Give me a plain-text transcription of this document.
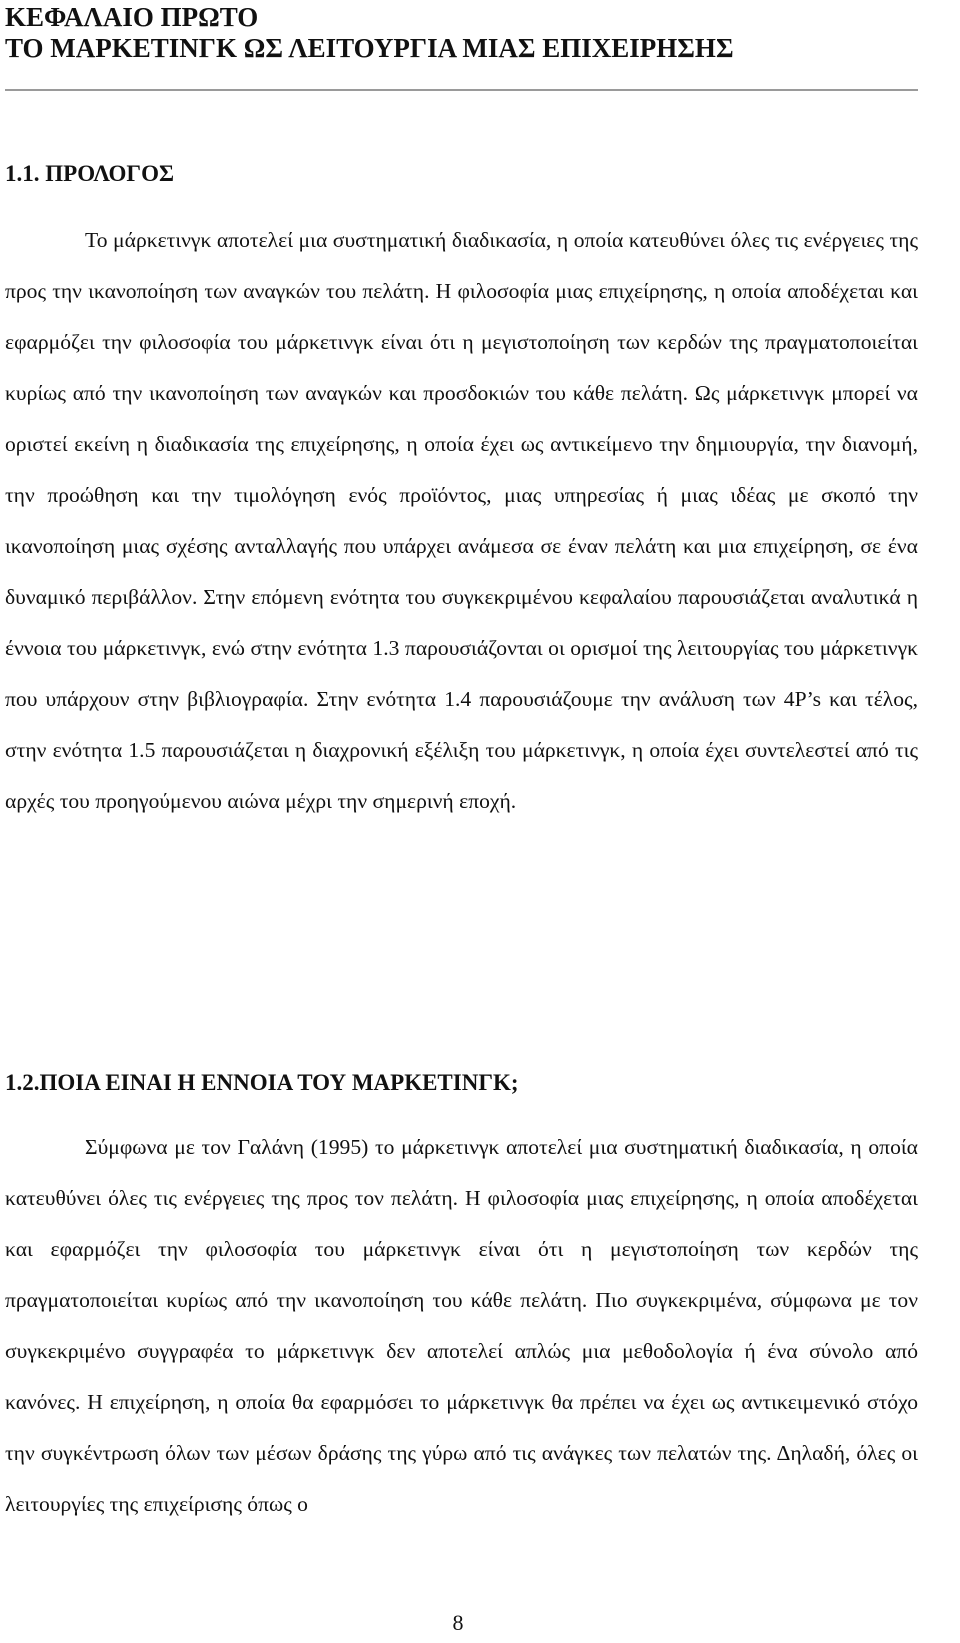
ΚΕΦΑΛΑΙΟ ΠΡΩΤΟ
ΤΟ ΜΑΡΚΕΤΙΝΓΚ ΩΣ ΛΕΙΤΟΥΡΓΙΑ ΜΙΑΣ ΕΠΙΧΕΙΡΗΣΗΣ
1.1. ΠΡΟΛΟΓΟΣ

Το μάρκετινγκ αποτελεί μια συστηματική διαδικασία, η οποία κατευθύνει όλες τις ενέργειες της προς την ικανοποίηση των αναγκών του πελάτη. Η φιλοσοφία μιας επιχείρησης, η οποία αποδέχεται και εφαρμόζει την φιλοσοφία του μάρκετινγκ είναι ότι η μεγιστοποίηση των κερδών της πραγματοποιείται κυρίως από την ικανοποίηση των αναγκών και προσδοκιών του κάθε πελάτη. Ως μάρκετινγκ μπορεί να οριστεί εκείνη η διαδικασία της επιχείρησης, η οποία έχει ως αντικείμενο την δημιουργία, την διανομή, την προώθηση και την τιμολόγηση ενός προϊόντος, μιας υπηρεσίας ή μιας ιδέας με σκοπό την ικανοποίηση μιας σχέσης ανταλλαγής που υπάρχει ανάμεσα σε έναν πελάτη και μια επιχείρηση, σε ένα δυναμικό περιβάλλον. Στην επόμενη ενότητα του συγκεκριμένου κεφαλαίου παρουσιάζεται αναλυτικά η έννοια του μάρκετινγκ, ενώ στην ενότητα 1.3 παρουσιάζονται οι ορισμοί της λειτουργίας του μάρκετινγκ που υπάρχουν στην βιβλιογραφία. Στην ενότητα 1.4 παρουσιάζουμε την ανάλυση των 4P’s και τέλος, στην ενότητα 1.5 παρουσιάζεται η διαχρονική εξέλιξη του μάρκετινγκ, η οποία έχει συντελεστεί από τις αρχές του προηγούμενου αιώνα μέχρι την σημερινή εποχή.

1.2.ΠΟΙΑ ΕΙΝΑΙ Η ΕΝΝΟΙΑ ΤΟΥ ΜΑΡΚΕΤΙΝΓΚ;

Σύμφωνα με τον Γαλάνη (1995) το μάρκετινγκ αποτελεί μια συστηματική διαδικασία, η οποία κατευθύνει όλες τις ενέργειες της προς τον πελάτη. Η φιλοσοφία μιας επιχείρησης, η οποία αποδέχεται και εφαρμόζει την φιλοσοφία του μάρκετινγκ είναι ότι η μεγιστοποίηση των κερδών της πραγματοποιείται κυρίως από την ικανοποίηση του κάθε πελάτη. Πιο συγκεκριμένα, σύμφωνα με τον συγκεκριμένο συγγραφέα το μάρκετινγκ δεν αποτελεί απλώς μια μεθοδολογία ή ένα σύνολο από κανόνες. Η επιχείρηση, η οποία θα εφαρμόσει το μάρκετινγκ θα πρέπει να έχει ως αντικειμενικό στόχο την συγκέντρωση όλων των μέσων δράσης της γύρω από τις ανάγκες των πελατών της. Δηλαδή, όλες οι λειτουργίες της επιχείρισης όπως ο

8
